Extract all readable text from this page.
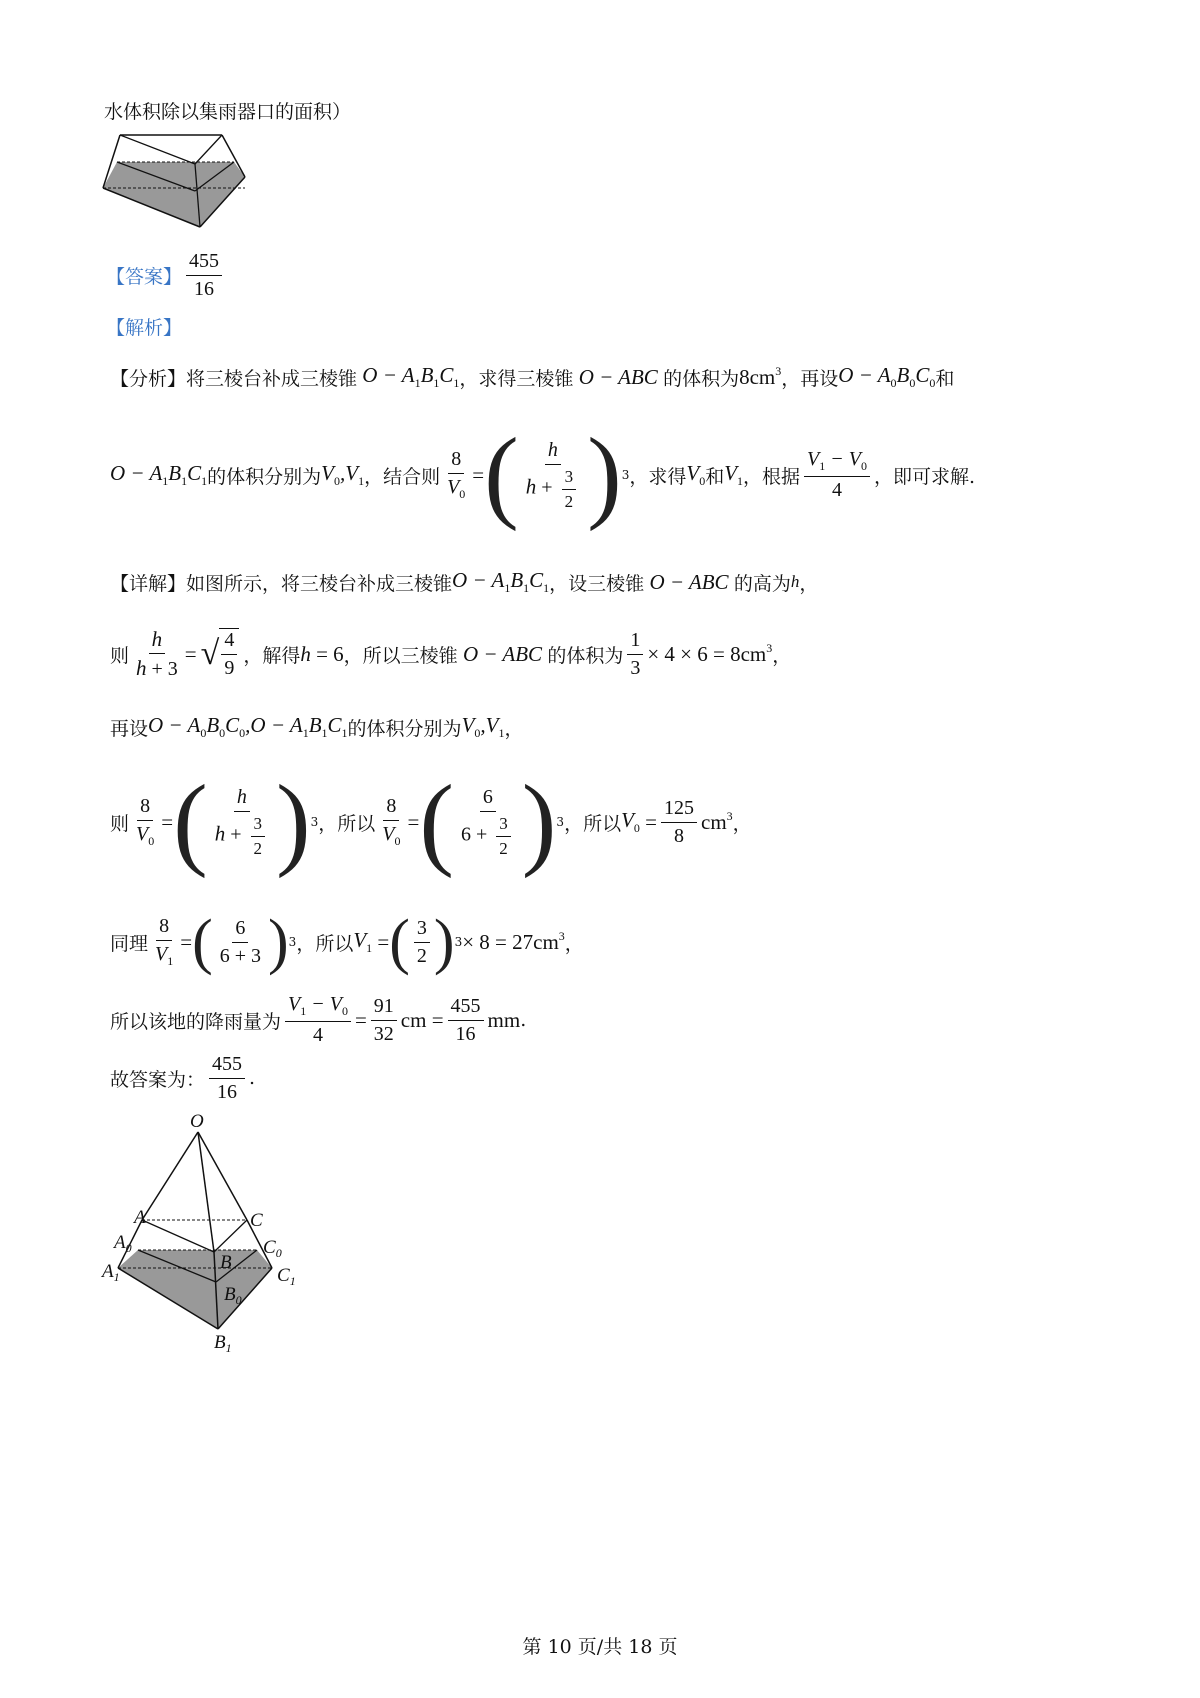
水体积除以集雨器口的面积）
【答案】 $\frac{455}{16}$
【解析】
【分析】 将三棱台补成三棱锥 $O - A_1B_1C_1$ ，求得三棱锥 O − ABC 的体积为 $8cm^3$ ，再设 $O - A_0B_0C_0$ 和
$O - A_1B_1C_1$ 的体积分别为 $V_0,V_1$ ，结合则 $\frac{8}{V_0}$ = ( $\frac{h}{h + \frac{3}{2}}$ ) 3 ，求得 $V_0$ 和 $V_1$ ，根据 $\frac{V_1 - V_0}{4}$ ，即可求解.
【详解】 如图所示，将三棱台补成三棱锥 $O - A_1B_1C_1$ ，设三棱锥 O − ABC 的高为 h ，
则 $\frac{h}{h + 3}$ = √ $\frac{4}{9}$ ，解得 h = 6 ，所以三棱锥 O − ABC 的体积为 $\frac{1}{3} \times 4 \times 6 = 8cm^3$ ，
再设 $O - A_0B_0C_0,O - A_1B_1C_1$ 的体积分别为 $V_0,V_1$ ，
则 $\frac{8}{V_0}$ = ( $\frac{h}{h + \frac{3}{2}}$ ) 3 ，所以 $\frac{8}{V_0}$ = ( $\frac{6}{6 + \frac{3}{2}}$ ) 3 ，所以 $V_0 = \frac{125}{8} cm^3$ ，
同理 $\frac{8}{V_1}$ = ( $\frac{6}{6 + 3}$ ) 3 ，所以 $V_1$ = ( $\frac{3}{2}$ ) $3 \times 8 = 27cm^3$ ，
所以该地的降雨量为 $\frac{V_1 - V_0}{4} = \frac{91}{32}$ cm = $\frac{455}{16}$ mm .
故答案为： $\frac{455}{16}$ .
O
A	C
$A_0$	$C_0$
B
$A_1$	$C_1$
$B_0$
$B_1$
第 10 页/共 18 页
